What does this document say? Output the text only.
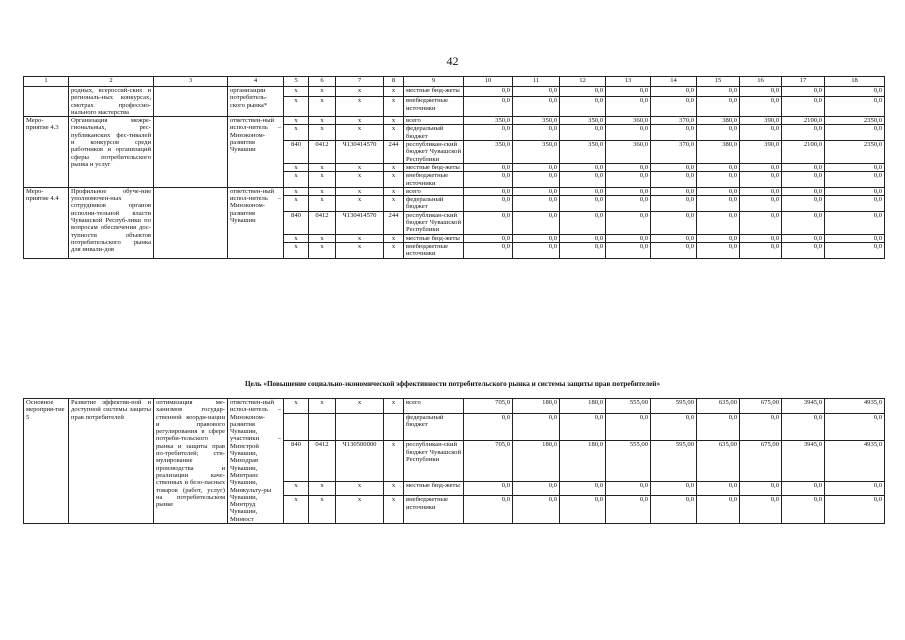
42
1	2	3	4	5	6	7	8	9	10	11	12	13	14	15	16	17	18
	родных, всероссий-ских и региональ-ных конкурсах, смотрах профессио-нального мастерства		организации потребитель-ского рынка*	x	x	x	x	местные бюд-жеты	0,0	0,0	0,0	0,0	0,0	0,0	0,0	0,0	0,0
				x	x	x	x	внебюджетные источники	0,0	0,0	0,0	0,0	0,0	0,0	0,0	0,0	0,0
Меро-приятие 4.3	Организация межре-гиональных, рес-публиканских фес-тивалей и конкурсов среди работников и организаций сферы потребительского рынка и услуг		ответствен-ный испол-нитель – Минэконом-развития Чувашии	x	x	x	x	всего	350,0	350,0	350,0	360,0	370,0	380,0	390,0	2100,0	2350,0
				x	x	x	x	федеральный бюджет	0,0	0,0	0,0	0,0	0,0	0,0	0,0	0,0	0,0
				840	0412	Ч130414570	244	республикан-ский бюджет Чувашской Республики	350,0	350,0	350,0	360,0	370,0	380,0	390,0	2100,0	2350,0
				x	x	x	x	местные бюд-жеты	0,0	0,0	0,0	0,0	0,0	0,0	0,0	0,0	0,0
				x	x	x	x	внебюджетные источники	0,0	0,0	0,0	0,0	0,0	0,0	0,0	0,0	0,0
Меро-приятие 4.4	Профильное обуче-ние уполномочен-ных сотрудников органов исполни-тельной власти Чувашской Респуб-лики по вопросам обеспечения дос-тупности объектов потребительского рынка для инвали-дов		ответствен-ный испол-нитель – Минэконом-развития Чувашии	x	x	x	x	всего	0,0	0,0	0,0	0,0	0,0	0,0	0,0	0,0	0,0
				x	x	x	x	федеральный бюджет	0,0	0,0	0,0	0,0	0,0	0,0	0,0	0,0	0,0
				840	0412	Ч130414570	244	республикан-ский бюджет Чувашской Республики	0,0	0,0	0,0	0,0	0,0	0,0	0,0	0,0	0,0
				x	x	x	x	местные бюд-жеты	0,0	0,0	0,0	0,0	0,0	0,0	0,0	0,0	0,0
				x	x	x	x	внебюджетные источники	0,0	0,0	0,0	0,0	0,0	0,0	0,0	0,0	0,0
Цель «Повышение социально-экономической эффективности потребительского рынка и системы защиты прав потребителей»
Основное мероприя-тие 5	Развитие эффектив-ной и доступной системы защиты прав потребителей	оптимизация ме-ханизмов государ-ственной коорди-нации и правового регулирования в сфере потреби-тельского рынка и защиты прав по-требителей; сти-мулирование производства и реализации каче-ственных и безо-пасных товаров (работ, услуг) на потребительском рынке	ответствен-ный испол-нитель – Минэконом-развития Чувашии, участники – Минстрой Чувашии, Минздрав Чувашии, Минтранс Чувашии, Минкульту-ры Чувашии, Минтруд Чувашии, Минюст	x	x	x	x	всего	705,0	180,0	180,0	555,00	595,00	635,00	675,00	3945,0	4935,0
								федеральный бюджет	0,0	0,0	0,0	0,0	0,0	0,0	0,0	0,0	0,0
				840	0412	Ч130500000	x	республикан-ский бюджет Чувашской Республики	705,0	180,0	180,0	555,00	595,00	635,00	675,00	3945,0	4935,0
				x	x	x	x	местные бюд-жеты	0,0	0,0	0,0	0,0	0,0	0,0	0,0	0,0	0,0
				x	x	x	x	внебюджетные источники	0,0	0,0	0,0	0,0	0,0	0,0	0,0	0,0	0,0
